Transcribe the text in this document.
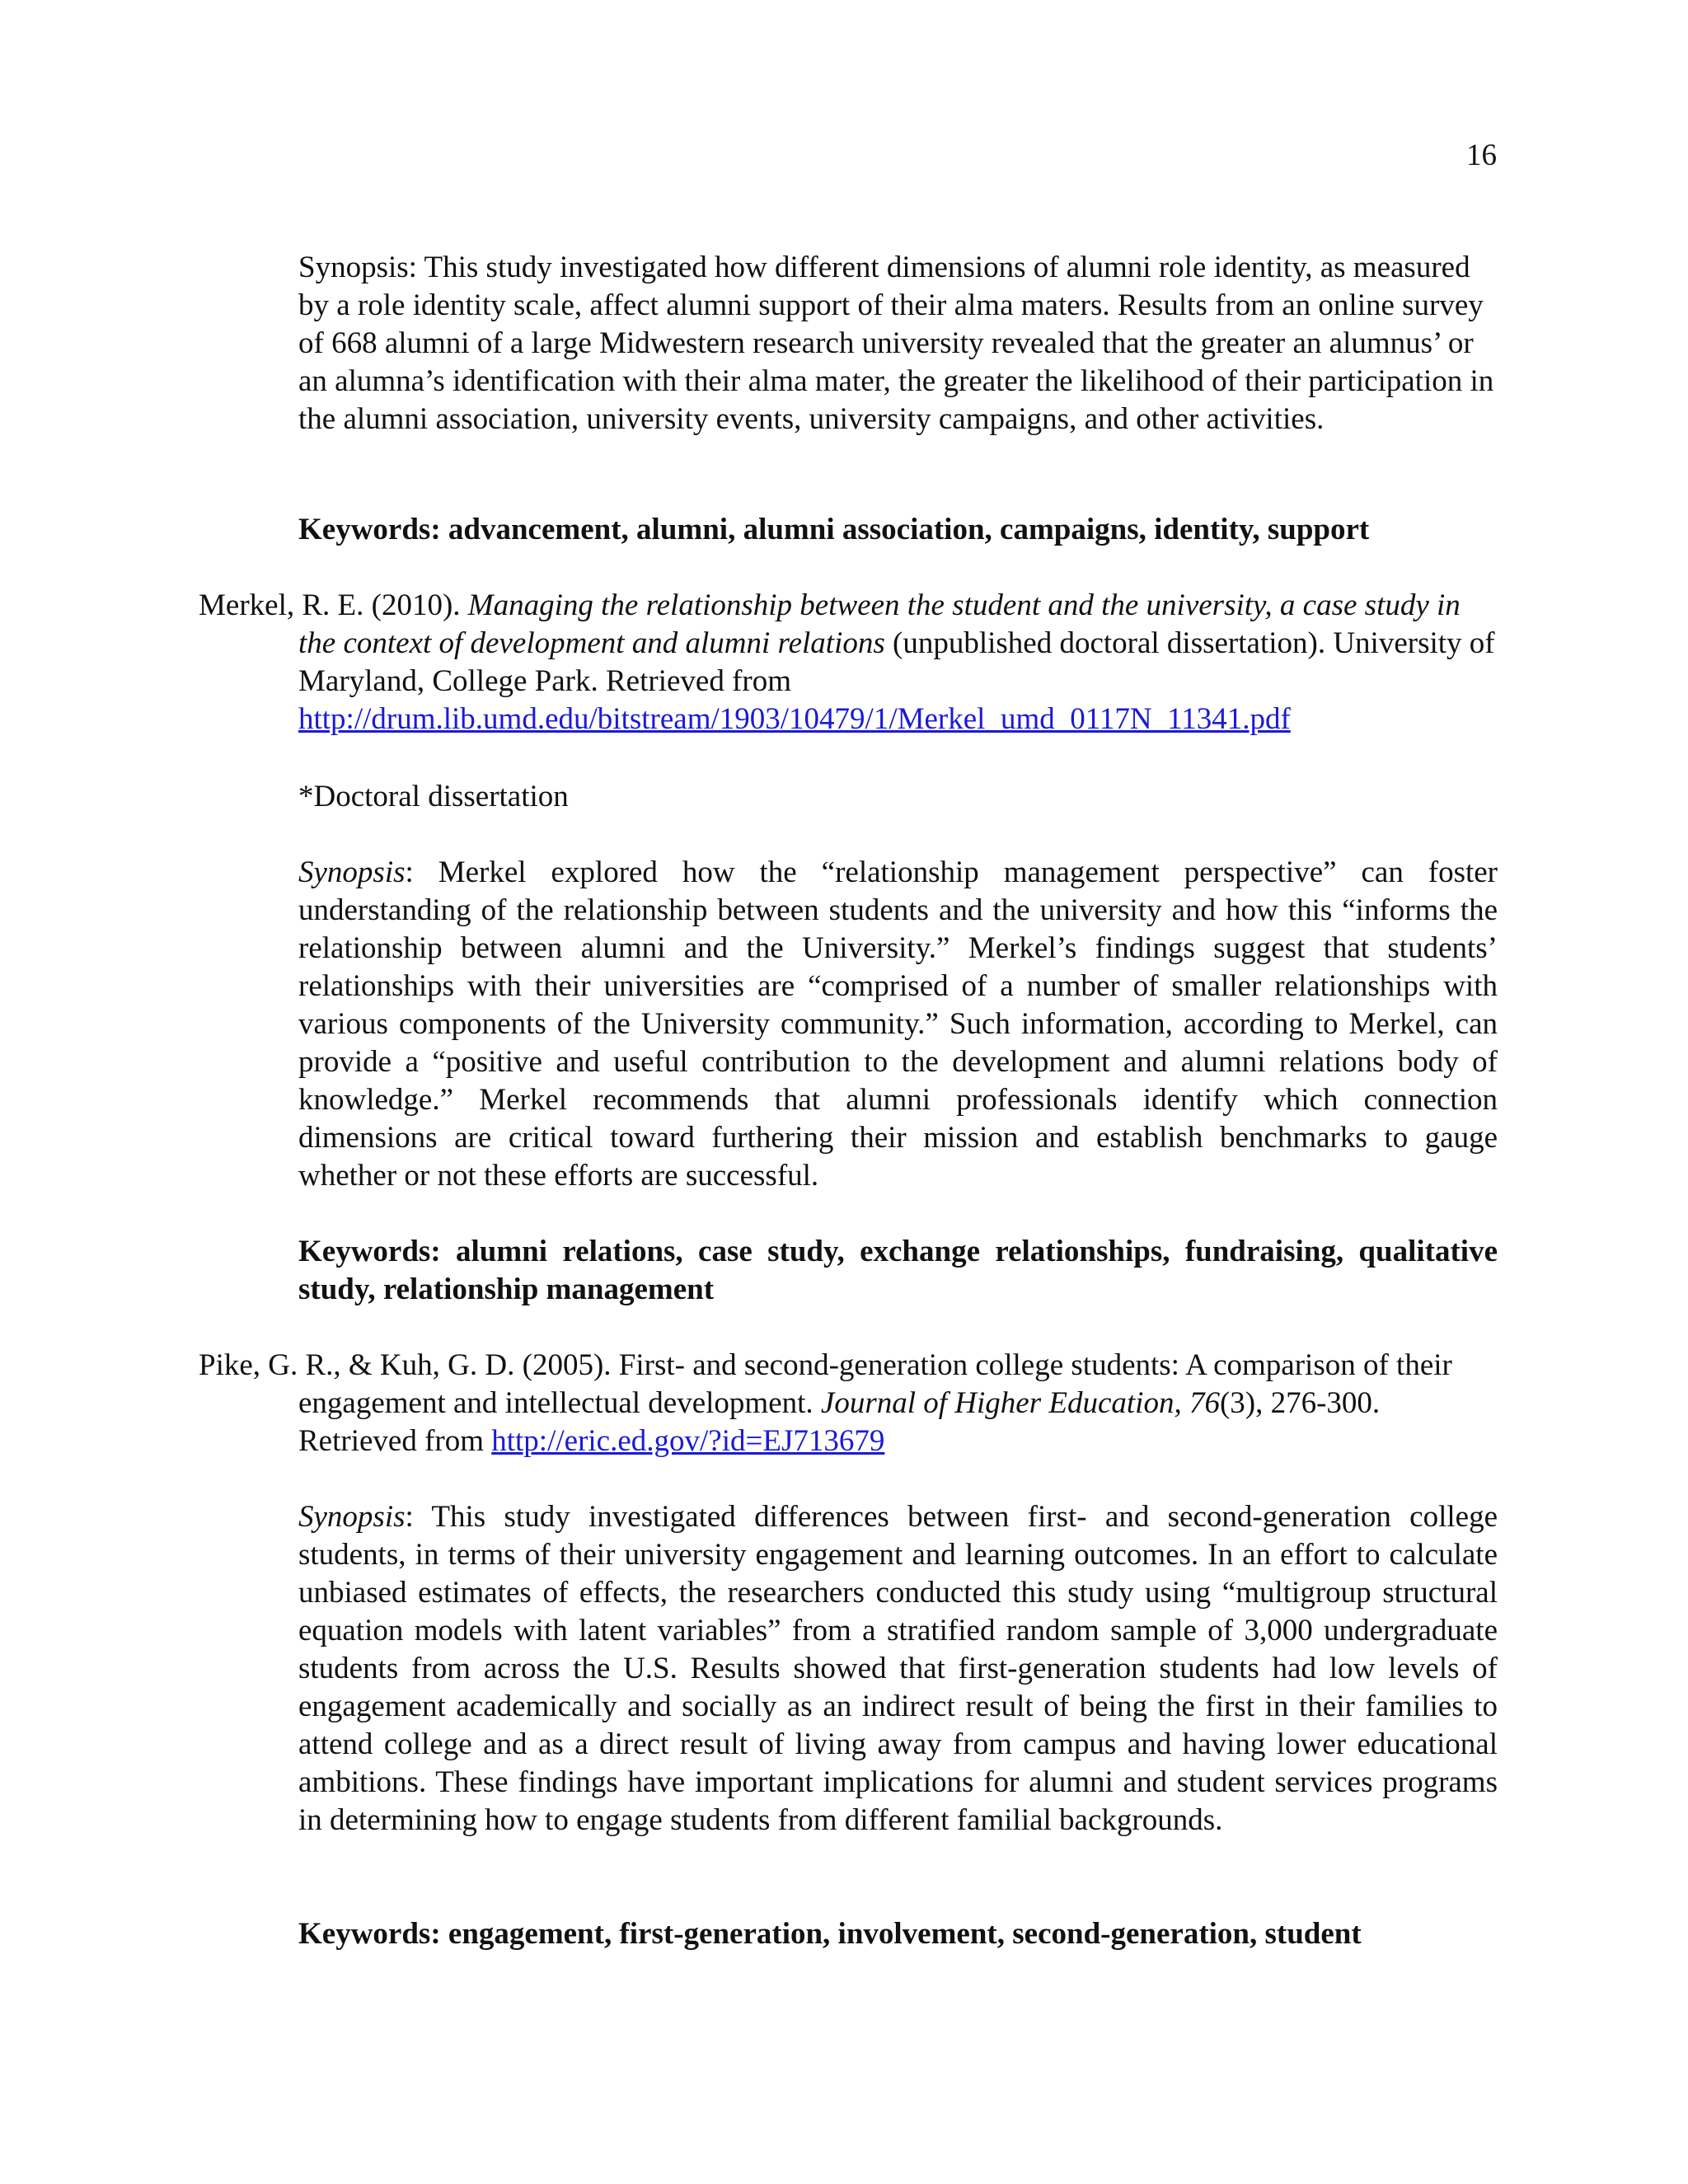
16

Synopsis: This study investigated how different dimensions of alumni role identity, as measured by a role identity scale, affect alumni support of their alma maters. Results from an online survey of 668 alumni of a large Midwestern research university revealed that the greater an alumnus’ or an alumna’s identification with their alma mater, the greater the likelihood of their participation in the alumni association, university events, university campaigns, and other activities.

Keywords: advancement, alumni, alumni association, campaigns, identity, support

Merkel, R. E. (2010). Managing the relationship between the student and the university, a case study in the context of development and alumni relations (unpublished doctoral dissertation). University of Maryland, College Park. Retrieved from http://drum.lib.umd.edu/bitstream/1903/10479/1/Merkel_umd_0117N_11341.pdf

*Doctoral dissertation

Synopsis: Merkel explored how the “relationship management perspective” can foster understanding of the relationship between students and the university and how this “informs the relationship between alumni and the University.” Merkel’s findings suggest that students’ relationships with their universities are “comprised of a number of smaller relationships with various components of the University community.” Such information, according to Merkel, can provide a “positive and useful contribution to the development and alumni relations body of knowledge.” Merkel recommends that alumni professionals identify which connection dimensions are critical toward furthering their mission and establish benchmarks to gauge whether or not these efforts are successful.

Keywords: alumni relations, case study, exchange relationships, fundraising, qualitative study, relationship management

Pike, G. R., & Kuh, G. D. (2005). First- and second-generation college students: A comparison of their engagement and intellectual development. Journal of Higher Education, 76(3), 276-300. Retrieved from http://eric.ed.gov/?id=EJ713679

Synopsis: This study investigated differences between first- and second-generation college students, in terms of their university engagement and learning outcomes. In an effort to calculate unbiased estimates of effects, the researchers conducted this study using “multigroup structural equation models with latent variables” from a stratified random sample of 3,000 undergraduate students from across the U.S. Results showed that first-generation students had low levels of engagement academically and socially as an indirect result of being the first in their families to attend college and as a direct result of living away from campus and having lower educational ambitions. These findings have important implications for alumni and student services programs in determining how to engage students from different familial backgrounds.

Keywords: engagement, first-generation, involvement, second-generation, student
